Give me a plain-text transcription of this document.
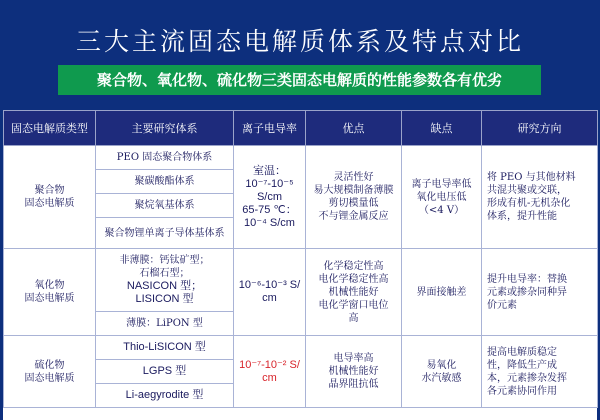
三大主流固态电解质体系及特点对比
聚合物、氧化物、硫化物三类固态电解质的性能参数各有优劣
固态电解质类型	主要研究体系	离子电导率	优点	缺点	研究方向

聚合物
固态电解质	PEO 固态聚合物体系	室温：
10⁻⁷-10⁻⁵ S/cm
65-75 ℃：
10⁻⁴ S/cm	灵活性好
易大规模制备薄膜
剪切模量低
不与锂金属反应	离子电导率低
氧化电压低
（<4 V）	将 PEO 与其他材料
共混共聚或交联，
形成有机-无机杂化
体系，提升性能

	聚碳酸酯体系				
	聚烷氧基体系				
	聚合物锂单离子导体基体系				

氧化物
固态电解质	非薄膜：钙钛矿型；
石榴石型；
NASICON 型；
LISICON 型	10⁻⁶-10⁻³ S/
cm	化学稳定性高
电化学稳定性高
机械性能好
电化学窗口电位
高	界面接触差	提升电导率：替换
元素或掺杂同种异
价元素

	薄膜：LiPON 型				

硫化物
固态电解质	Thio-LiSICON 型	10⁻⁷-10⁻² S/
cm	电导率高
机械性能好
晶界阻抗低	易氧化
水汽敏感	提高电解质稳定
性，降低生产成
本，元素掺杂发挥
各元素协同作用

	LGPS 型				
	Li-aegyrodite 型				
